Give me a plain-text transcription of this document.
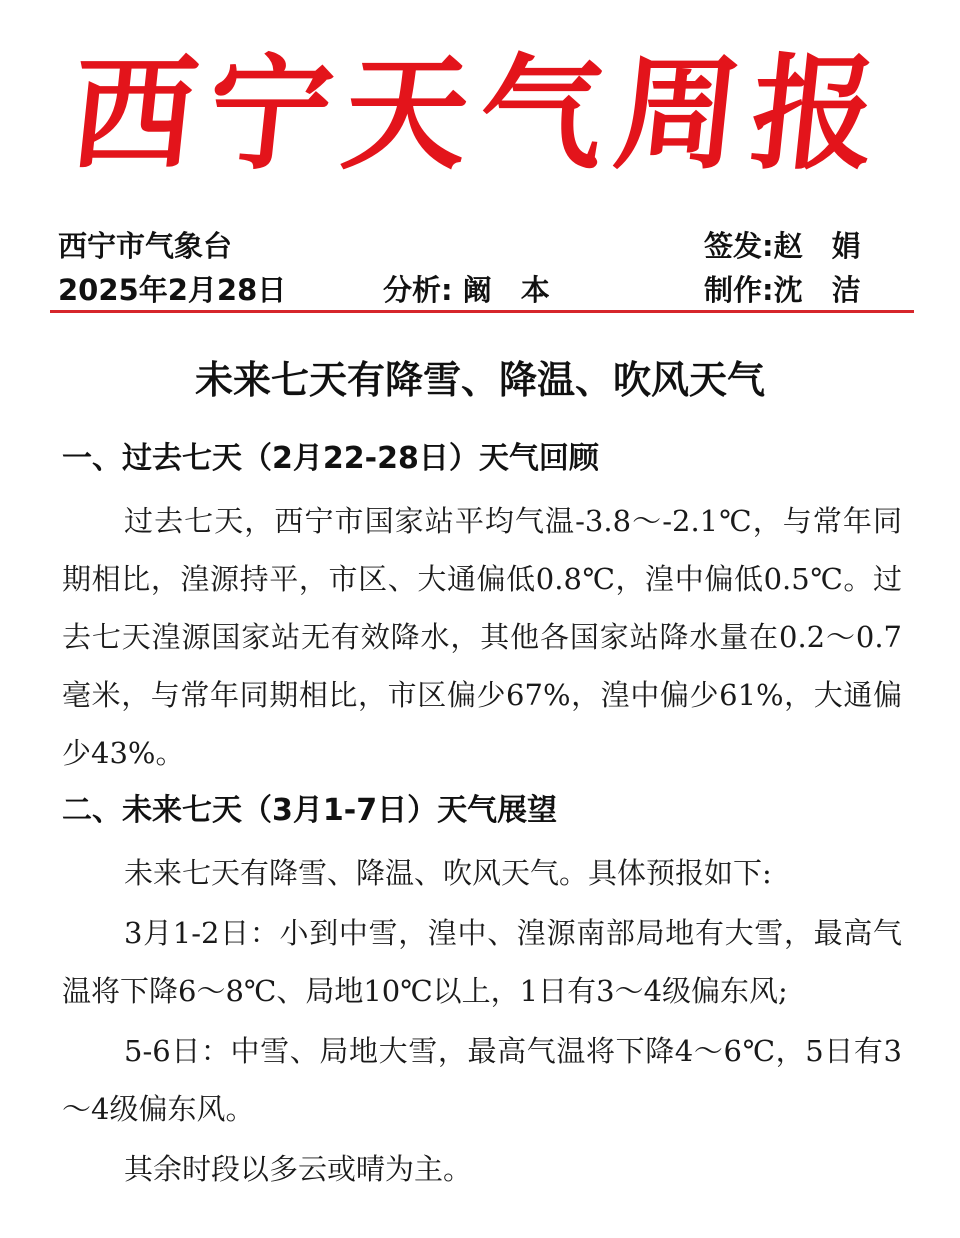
西宁天气周报
西宁市气象台	签发:赵　娟
2025年2月28日	分析: 阚　本	制作:沈　洁
未来七天有降雪、降温、吹风天气
一、过去七天（2月22-28日）天气回顾

过去七天，西宁市国家站平均气温-3.8～-2.1℃，与常年同期相比，湟源持平，市区、大通偏低0.8℃，湟中偏低0.5℃。过去七天湟源国家站无有效降水，其他各国家站降水量在0.2～0.7毫米，与常年同期相比，市区偏少67%，湟中偏少61%，大通偏少43%。

二、未来七天（3月1-7日）天气展望

未来七天有降雪、降温、吹风天气。具体预报如下:

3月1-2日：小到中雪，湟中、湟源南部局地有大雪，最高气温将下降6～8℃、局地10℃以上，1日有3～4级偏东风;

5-6日：中雪、局地大雪，最高气温将下降4～6℃，5日有3～4级偏东风。

其余时段以多云或晴为主。
